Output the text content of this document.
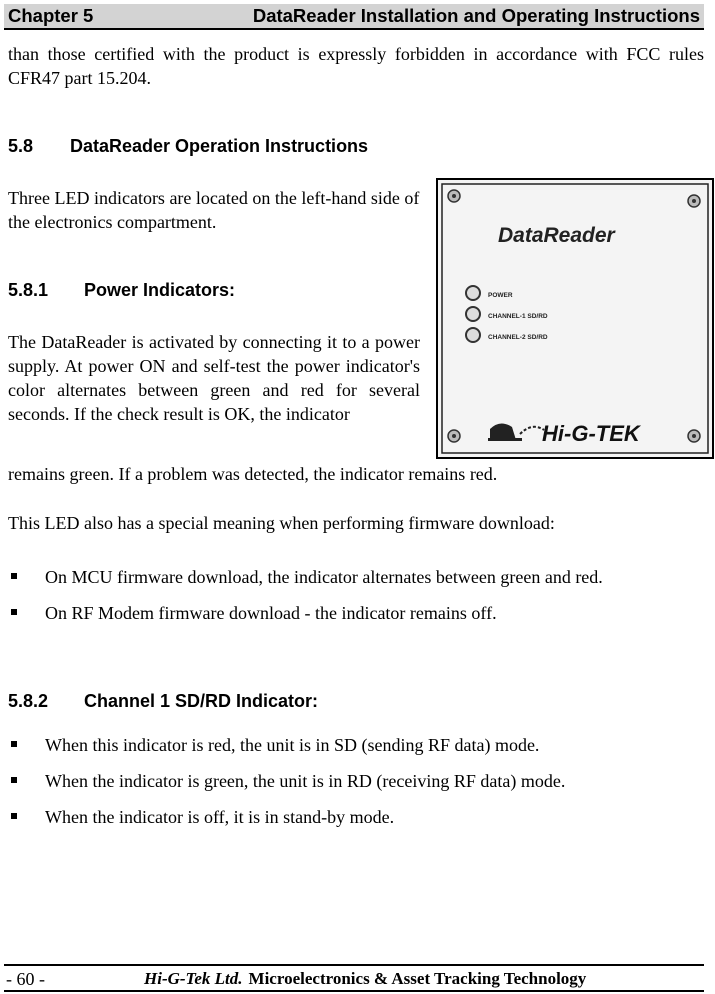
Chapter 5	DataReader Installation and Operating Instructions

than those certified with the product is expressly forbidden in accordance with FCC rules CFR47 part 15.204.

5.8 DataReader Operation Instructions

Three LED indicators are located on the left-hand side of the electronics compartment.

5.8.1 Power Indicators:

The DataReader is activated by connecting it to a power supply. At power ON and self-test the power indicator's color alternates between green and red for several seconds. If the check result is OK, the indicator

remains green. If a problem was detected, the indicator remains red.

This LED also has a special meaning when performing firmware download:

On MCU firmware download, the indicator alternates between green and red.
On RF Modem firmware download - the indicator remains off.
5.8.2 Channel 1 SD/RD Indicator:
When this indicator is red, the unit is in SD (sending RF data) mode.
When the indicator is green, the unit is in RD (receiving RF data) mode.
When the indicator is off, it is in stand-by mode.
DataReader
POWER
CHANNEL-1 SD/RD
CHANNEL-2 SD/RD
Hi-G-TEK
- 60 -	Hi-G-Tek Ltd. Microelectronics & Asset Tracking Technology
